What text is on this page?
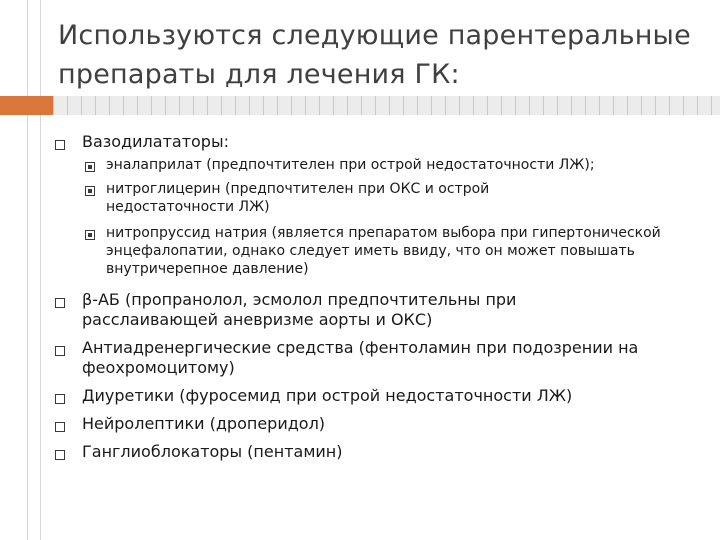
Используются следующие парентеральные препараты для лечения ГК:
Вазодилататоры:
эналаприлат (предпочтителен при острой недостаточности ЛЖ);
нитроглицерин (предпочтителен при ОКС и острой недостаточности ЛЖ)
нитропруссид натрия (является препаратом выбора при гипертонической энцефалопатии, однако следует иметь ввиду, что он может повышать внутричерепное давление)
β-АБ (пропранолол, эсмолол предпочтительны при расслаивающей аневризме аорты и ОКС)
Антиадренергические средства (фентоламин при подозрении на феохромоцитому)
Диуретики (фуросемид при острой недостаточности ЛЖ)
Нейролептики (дроперидол)
Ганглиоблокаторы (пентамин)
